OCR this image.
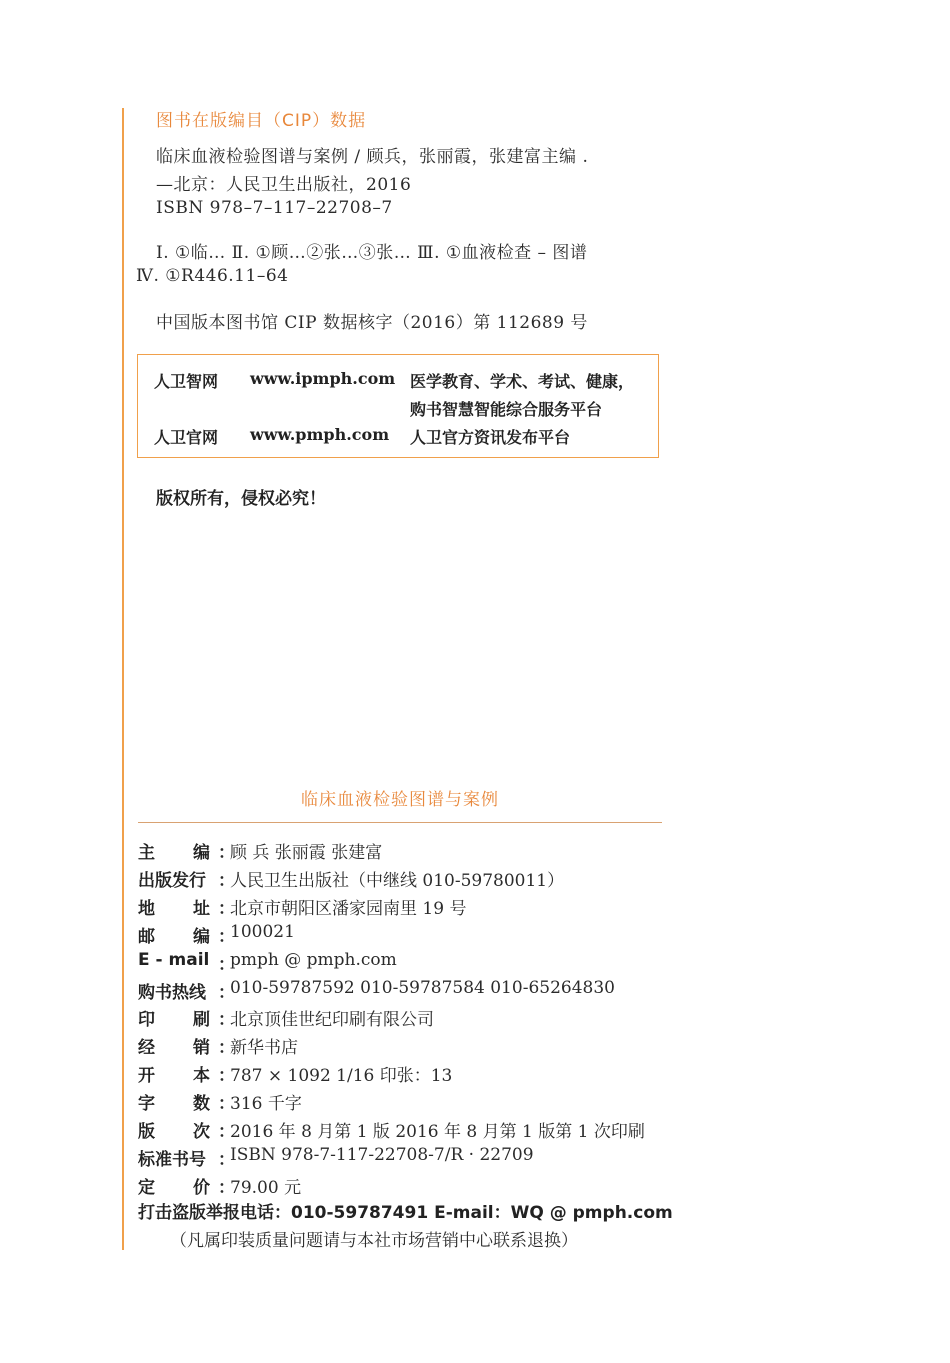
图书在版编目（CIP）数据
临床血液检验图谱与案例 / 顾兵，张丽霞，张建富主编 .
—北京：人民卫生出版社，2016
ISBN 978–7–117–22708–7
Ⅰ. ①临… Ⅱ. ①顾…②张…③张… Ⅲ. ①血液检查 – 图谱
Ⅳ. ①R446.11–64
中国版本图书馆 CIP 数据核字（2016）第 112689 号
人卫智网 www.ipmph.com 医学教育、学术、考试、健康，
购书智慧智能综合服务平台
人卫官网 www.pmph.com 人卫官方资讯发布平台
版权所有，侵权必究！
临床血液检验图谱与案例
主 编 ：
顾 兵 张丽霞 张建富
出版发行 ：
人民卫生出版社（中继线 010-59780011）
地 址 ：
北京市朝阳区潘家园南里 19 号
邮 编 ：
100021
E - mail ：
pmph @ pmph.com
购书热线 ：
010-59787592 010-59787584 010-65264830
印 刷 ：
北京顶佳世纪印刷有限公司
经 销 ：
新华书店
开 本 ：
787 × 1092 1/16 印张：13
字 数 ：
316 千字
版 次 ：
2016 年 8 月第 1 版 2016 年 8 月第 1 版第 1 次印刷
标准书号 ：
ISBN 978-7-117-22708-7/R · 22709
定 价 ：
79.00 元
打击盗版举报电话：010-59787491 E-mail：WQ @ pmph.com
（凡属印装质量问题请与本社市场营销中心联系退换）
